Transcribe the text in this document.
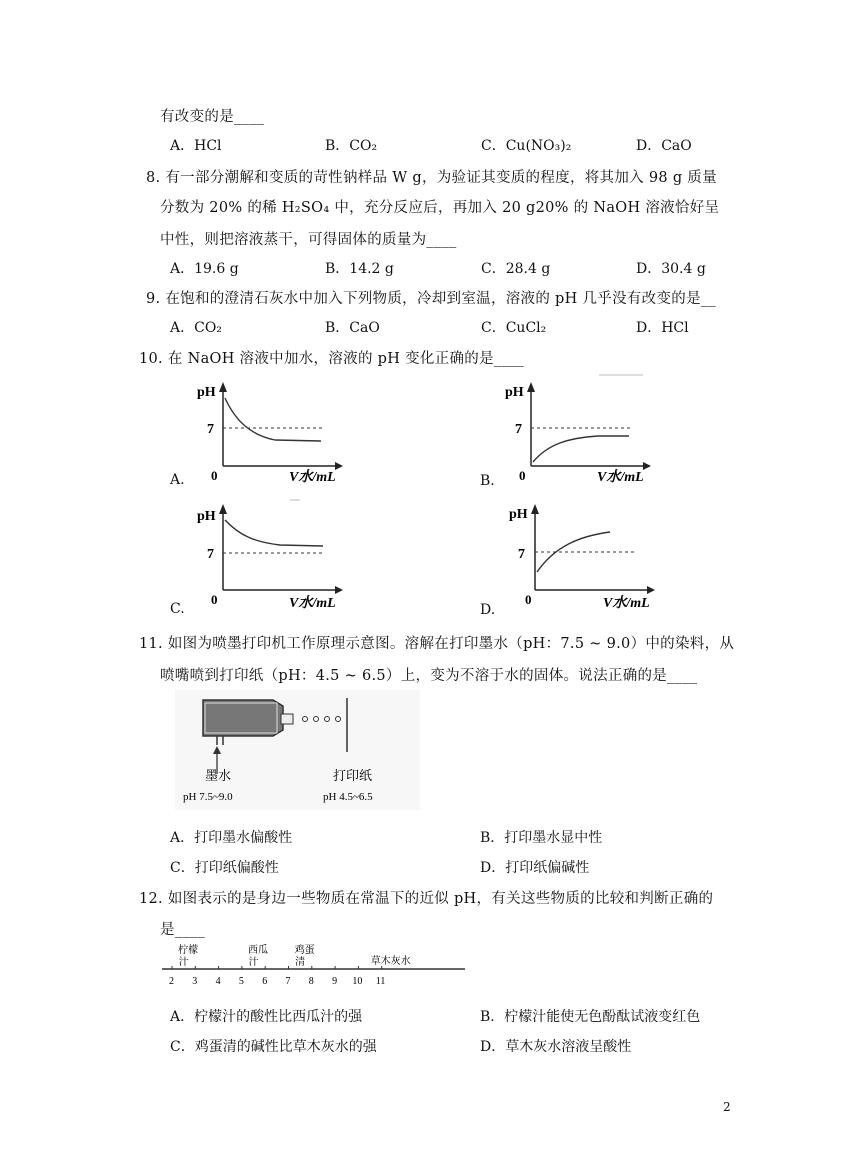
有改变的是____
A．HCl	B．CO₂	C．Cu(NO₃)₂	D．CaO
8. 有一部分潮解和变质的苛性钠样品 W g，为验证其变质的程度，将其加入 98 g 质量
分数为 20% 的稀 H₂SO₄ 中，充分反应后，再加入 20 g20% 的 NaOH 溶液恰好呈
中性，则把溶液蒸干，可得固体的质量为____
A．19.6 g	B．14.2 g	C．28.4 g	D．30.4 g
9. 在饱和的澄清石灰水中加入下列物质，冷却到室温，溶液的 pH 几乎没有改变的是__
A．CO₂	B．CaO	C．CuCl₂	D．HCl
10. 在 NaOH 溶液中加水，溶液的 pH 变化正确的是____
pH
7
0	V水/mL
A.
pH
7
0	V水/mL
B.
pH
7
0	V水/mL
C.
pH
7
0	V水/mL
D.
11. 如图为喷墨打印机工作原理示意图。溶解在打印墨水（pH：7.5 ~ 9.0）中的染料，从
喷嘴喷到打印纸（pH：4.5 ~ 6.5）上，变为不溶于水的固体。说法正确的是____
墨水
pH 7.5~9.0
打印纸
pH 4.5~6.5
A．打印墨水偏酸性	B．打印墨水显中性
C．打印纸偏酸性	D．打印纸偏碱性
12. 如图表示的是身边一些物质在常温下的近似 pH，有关这些物质的比较和判断正确的
是____
2 3 4 5 6 7 8 9 10 11
柠檬
汁
西瓜
汁
鸡蛋
清	草木灰水
A．柠檬汁的酸性比西瓜汁的强	B．柠檬汁能使无色酚酞试液变红色
C．鸡蛋清的碱性比草木灰水的强	D．草木灰水溶液呈酸性
2
